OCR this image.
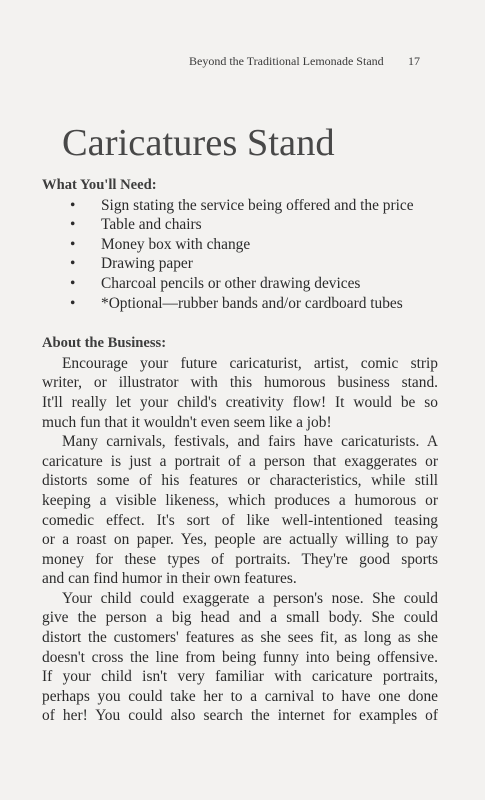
Beyond the Traditional Lemonade Stand 17
Caricatures Stand

What You'll Need:

• Sign stating the service being offered and the price
• Table and chairs
• Money box with change
• Drawing paper
• Charcoal pencils or other drawing devices
• *Optional—rubber bands and/or cardboard tubes

About the Business:

Encourage your future caricaturist, artist, comic strip
writer, or illustrator with this humorous business stand.
It'll really let your child's creativity flow! It would be so
much fun that it wouldn't even seem like a job!
Many carnivals, festivals, and fairs have caricaturists. A
caricature is just a portrait of a person that exaggerates or
distorts some of his features or characteristics, while still
keeping a visible likeness, which produces a humorous or
comedic effect. It's sort of like well-intentioned teasing
or a roast on paper. Yes, people are actually willing to pay
money for these types of portraits. They're good sports
and can find humor in their own features.
Your child could exaggerate a person's nose. She could
give the person a big head and a small body. She could
distort the customers' features as she sees fit, as long as she
doesn't cross the line from being funny into being offensive.
If your child isn't very familiar with caricature portraits,
perhaps you could take her to a carnival to have one done
of her! You could also search the internet for examples of
